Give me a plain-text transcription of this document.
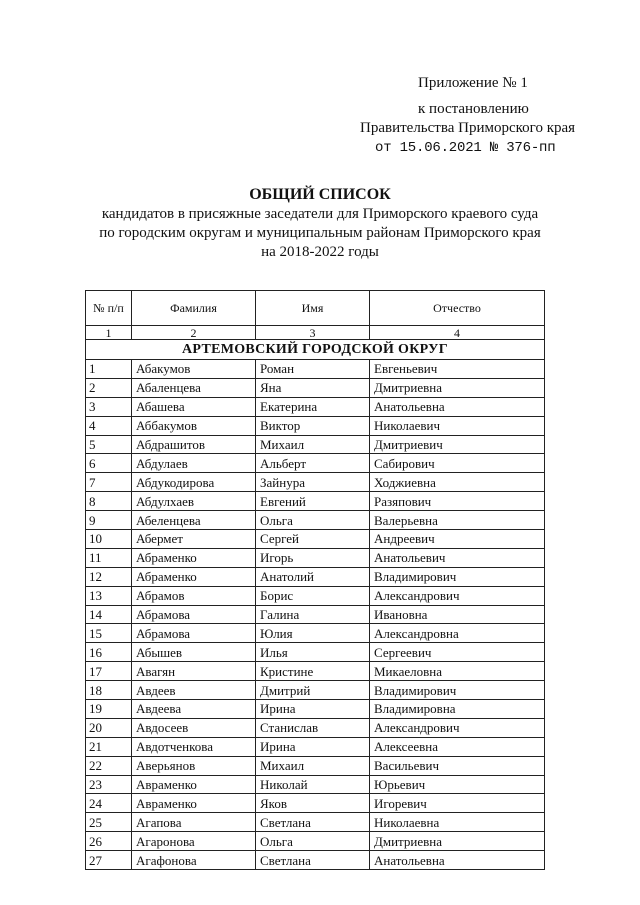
Приложение № 1
к постановлению
Правительства Приморского края
от 15.06.2021 № 376-пп
ОБЩИЙ СПИСОК
кандидатов в присяжные заседатели для Приморского краевого суда
по городским округам и муниципальным районам Приморского края
на 2018-2022 годы
№ п/п	Фамилия	Имя	Отчество
1	2	3	4
АРТЕМОВСКИЙ ГОРОДСКОЙ ОКРУГ			
1	Абакумов	Роман	Евгеньевич
2	Абаленцева	Яна	Дмитриевна
3	Абашева	Екатерина	Анатольевна
4	Аббакумов	Виктор	Николаевич
5	Абдрашитов	Михаил	Дмитриевич
6	Абдулаев	Альберт	Сабирович
7	Абдукодирова	Зайнура	Ходжиевна
8	Абдулхаев	Евгений	Разяпович
9	Абеленцева	Ольга	Валерьевна
10	Абермет	Сергей	Андреевич
11	Абраменко	Игорь	Анатольевич
12	Абраменко	Анатолий	Владимирович
13	Абрамов	Борис	Александрович
14	Абрамова	Галина	Ивановна
15	Абрамова	Юлия	Александровна
16	Абышев	Илья	Сергеевич
17	Авагян	Кристине	Микаеловна
18	Авдеев	Дмитрий	Владимирович
19	Авдеева	Ирина	Владимировна
20	Авдосеев	Станислав	Александрович
21	Авдотченкова	Ирина	Алексеевна
22	Аверьянов	Михаил	Васильевич
23	Авраменко	Николай	Юрьевич
24	Авраменко	Яков	Игоревич
25	Агапова	Светлана	Николаевна
26	Агаронова	Ольга	Дмитриевна
27	Агафонова	Светлана	Анатольевна
